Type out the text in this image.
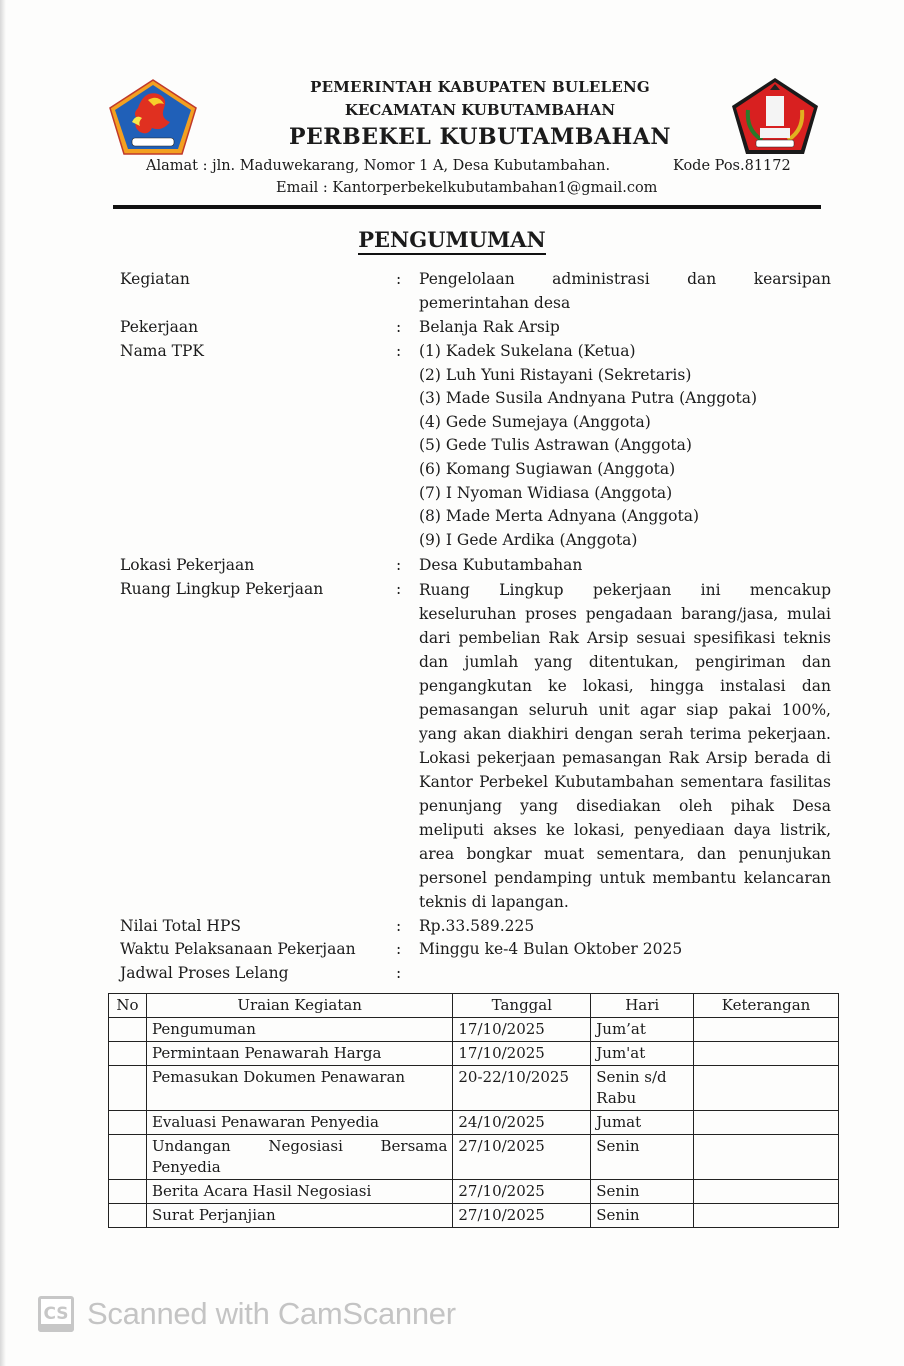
PEMERINTAH KABUPATEN BULELENG
KECAMATAN KUBUTAMBAHAN
PERBEKEL KUBUTAMBAHAN
Alamat : jln. Maduwekarang, Nomor 1 A, Desa Kubutambahan.	Kode Pos.81172
Email : Kantorperbekelkubutambahan1@gmail.com
PENGUMUMAN
Kegiatan	: Pengelolaan administrasi dan kearsipan
pemerintahan desa
Pekerjaan	: Belanja Rak Arsip
Nama TPK	: (1) Kadek Sukelana (Ketua)
(2) Luh Yuni Ristayani (Sekretaris)
(3) Made Susila Andnyana Putra (Anggota)
(4) Gede Sumejaya (Anggota)
(5) Gede Tulis Astrawan (Anggota)
(6) Komang Sugiawan (Anggota)
(7) I Nyoman Widiasa (Anggota)
(8) Made Merta Adnyana (Anggota)
(9) I Gede Ardika (Anggota)
Lokasi Pekerjaan	: Desa Kubutambahan
Ruang Lingkup Pekerjaan	: Ruang Lingkup pekerjaan ini mencakup keseluruhan proses pengadaan barang/jasa, mulai dari pembelian Rak Arsip sesuai spesifikasi teknis dan jumlah yang ditentukan, pengiriman dan pengangkutan ke lokasi, hingga instalasi dan pemasangan seluruh unit agar siap pakai 100%, yang akan diakhiri dengan serah terima pekerjaan. Lokasi pekerjaan pemasangan Rak Arsip berada di Kantor Perbekel Kubutambahan sementara fasilitas penunjang yang disediakan oleh pihak Desa meliputi akses ke lokasi, penyediaan daya listrik, area bongkar muat sementara, dan penunjukan personel pendamping untuk membantu kelancaran teknis di lapangan.
Nilai Total HPS	: Rp.33.589.225
Waktu Pelaksanaan Pekerjaan	: Minggu ke-4 Bulan Oktober 2025
Jadwal Proses Lelang	:
No	Uraian Kegiatan	Tanggal	Hari	Keterangan
	Pengumuman	17/10/2025	Jum’at	
	Permintaan Penawarah Harga	17/10/2025	Jum'at	
	Pemasukan Dokumen Penawaran	20-22/10/2025	Senin s/d Rabu	
	Evaluasi Penawaran Penyedia	24/10/2025	Jumat	
	Undangan Negosiasi Bersama Penyedia	27/10/2025	Senin	
	Berita Acara Hasil Negosiasi	27/10/2025	Senin	
	Surat Perjanjian	27/10/2025	Senin	
CS Scanned with CamScanner
